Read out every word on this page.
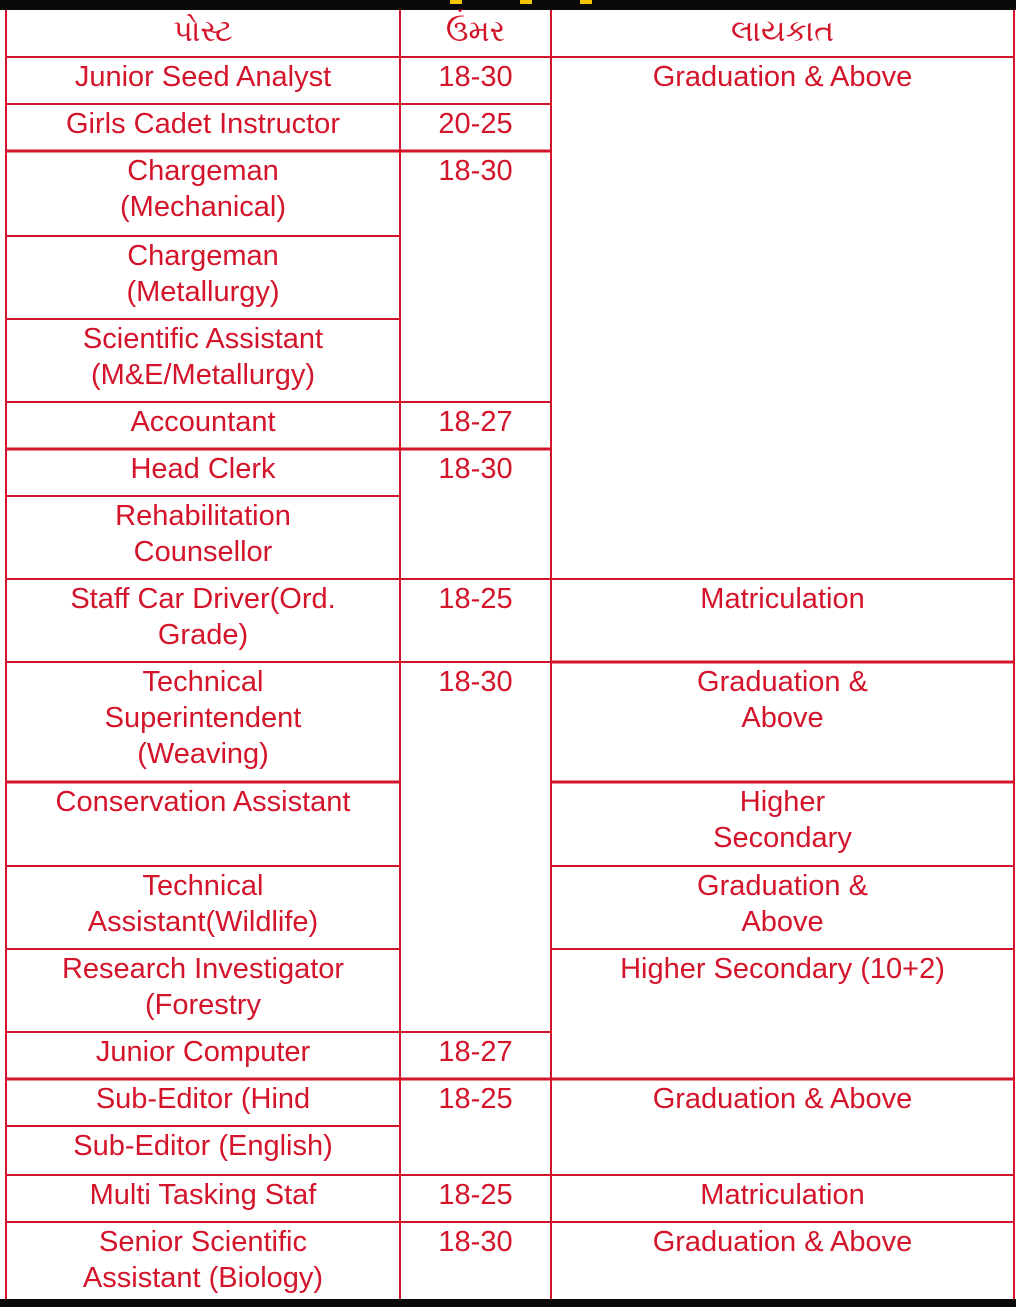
પોસ્ટ	ઉંમર	લાયકાત
Junior Seed Analyst
Girls Cadet Instructor
Chargeman
(Mechanical)
Chargeman
(Metallurgy)
Scientific Assistant
(M&E/Metallurgy)
Accountant
Head Clerk
Rehabilitation
Counsellor
Staff Car Driver(Ord.
Grade)
Technical
Superintendent
(Weaving)
Conservation Assistant
Technical
Assistant(Wildlife)
Research Investigator
(Forestry
Junior Computer
Sub-Editor (Hind
Sub-Editor (English)
Multi Tasking Staf
Senior Scientific
Assistant (Biology)
18-30
20-25
18-30
18-27
18-30
18-25
18-30
18-27
18-25
18-25
18-30
Graduation & Above
Matriculation
Graduation &
Above
Higher
Secondary
Graduation &
Above
Higher Secondary (10+2)
Graduation & Above
Matriculation
Graduation & Above
